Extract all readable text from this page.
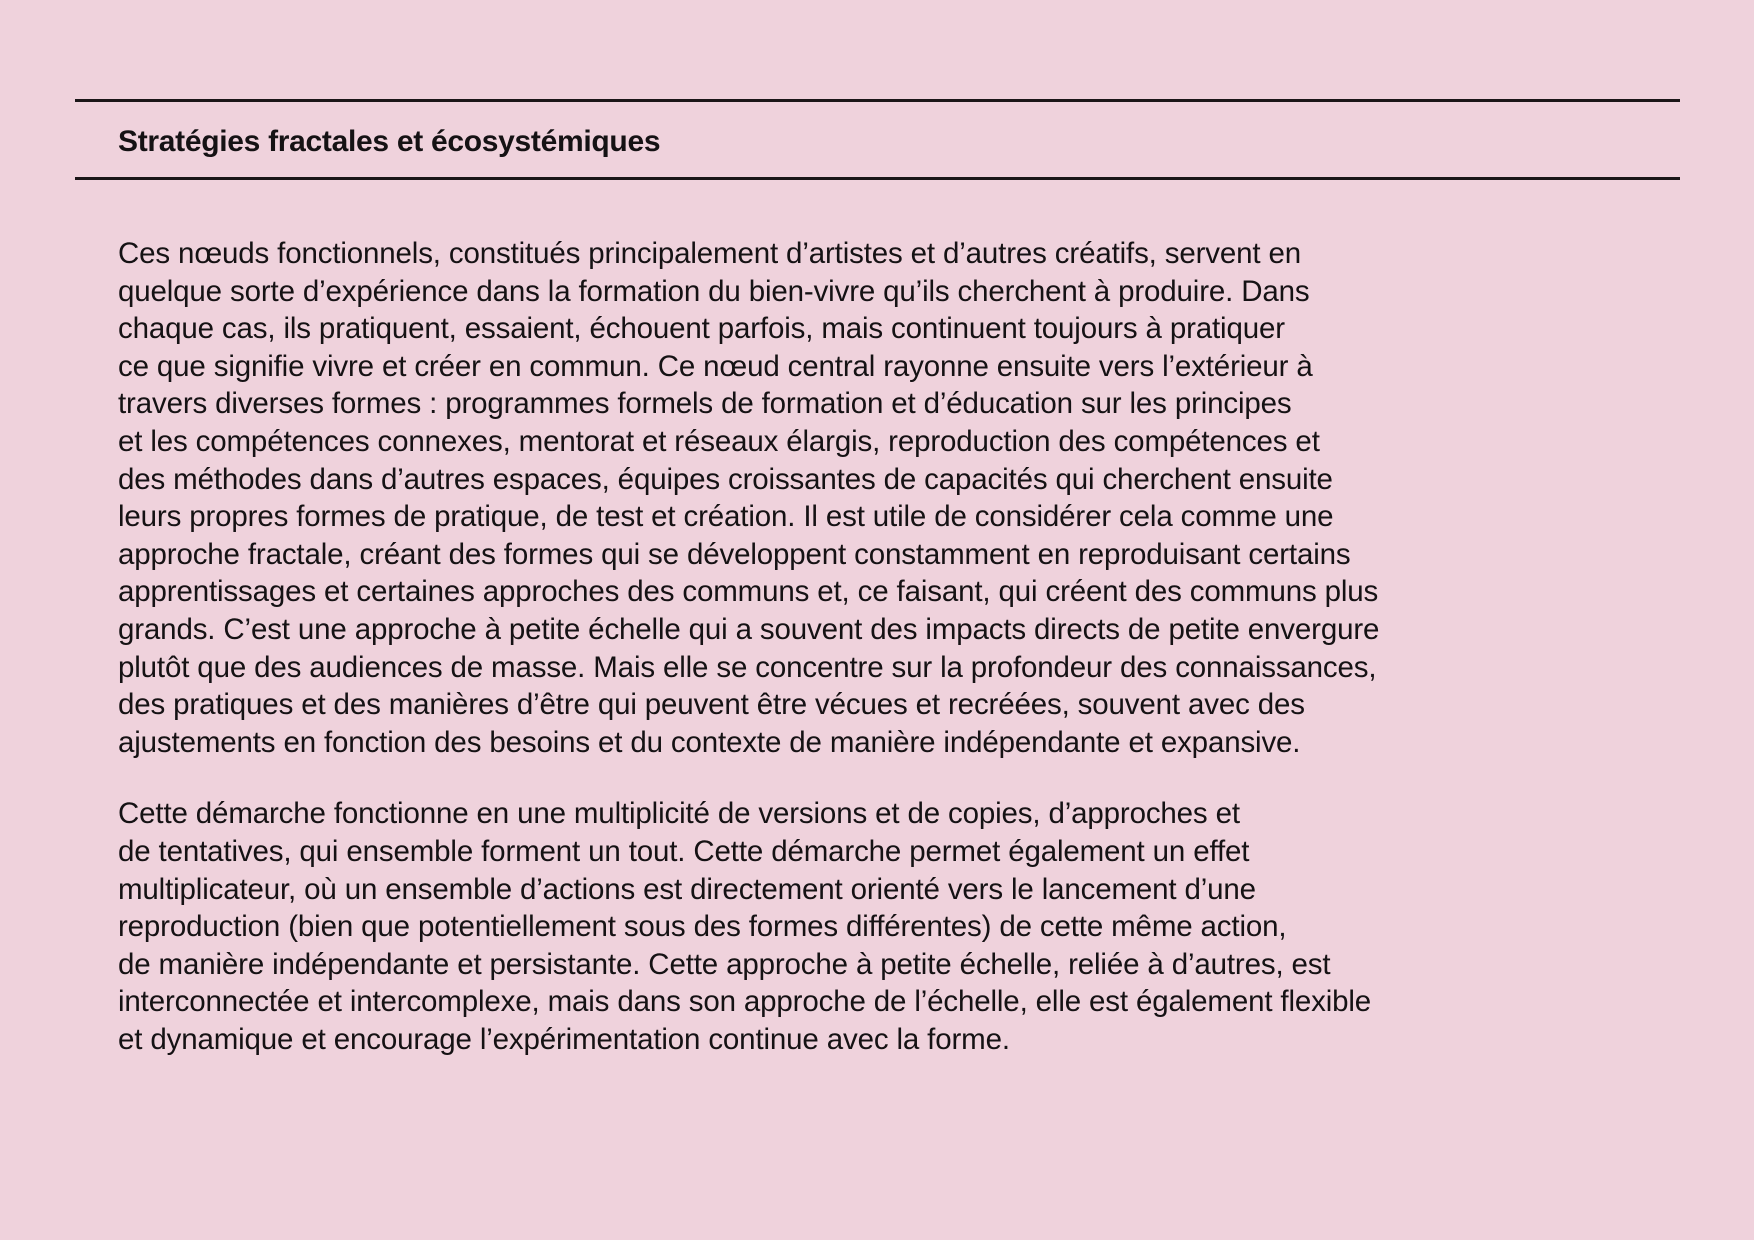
Stratégies fractales et écosystémiques

Ces nœuds fonctionnels, constitués principalement d’artistes et d’autres créatifs, servent en
quelque sorte d’expérience dans la formation du bien-vivre qu’ils cherchent à produire. Dans
chaque cas, ils pratiquent, essaient, échouent parfois, mais continuent toujours à pratiquer
ce que signifie vivre et créer en commun. Ce nœud central rayonne ensuite vers l’extérieur à
travers diverses formes : programmes formels de formation et d’éducation sur les principes
et les compétences connexes, mentorat et réseaux élargis, reproduction des compétences et
des méthodes dans d’autres espaces, équipes croissantes de capacités qui cherchent ensuite
leurs propres formes de pratique, de test et création. Il est utile de considérer cela comme une
approche fractale, créant des formes qui se développent constamment en reproduisant certains
apprentissages et certaines approches des communs et, ce faisant, qui créent des communs plus
grands. C’est une approche à petite échelle qui a souvent des impacts directs de petite envergure
plutôt que des audiences de masse. Mais elle se concentre sur la profondeur des connaissances,
des pratiques et des manières d’être qui peuvent être vécues et recréées, souvent avec des
ajustements en fonction des besoins et du contexte de manière indépendante et expansive.

Cette démarche fonctionne en une multiplicité de versions et de copies, d’approches et
de tentatives, qui ensemble forment un tout. Cette démarche permet également un effet
multiplicateur, où un ensemble d’actions est directement orienté vers le lancement d’une
reproduction (bien que potentiellement sous des formes différentes) de cette même action,
de manière indépendante et persistante. Cette approche à petite échelle, reliée à d’autres, est
interconnectée et intercomplexe, mais dans son approche de l’échelle, elle est également flexible
et dynamique et encourage l’expérimentation continue avec la forme.
